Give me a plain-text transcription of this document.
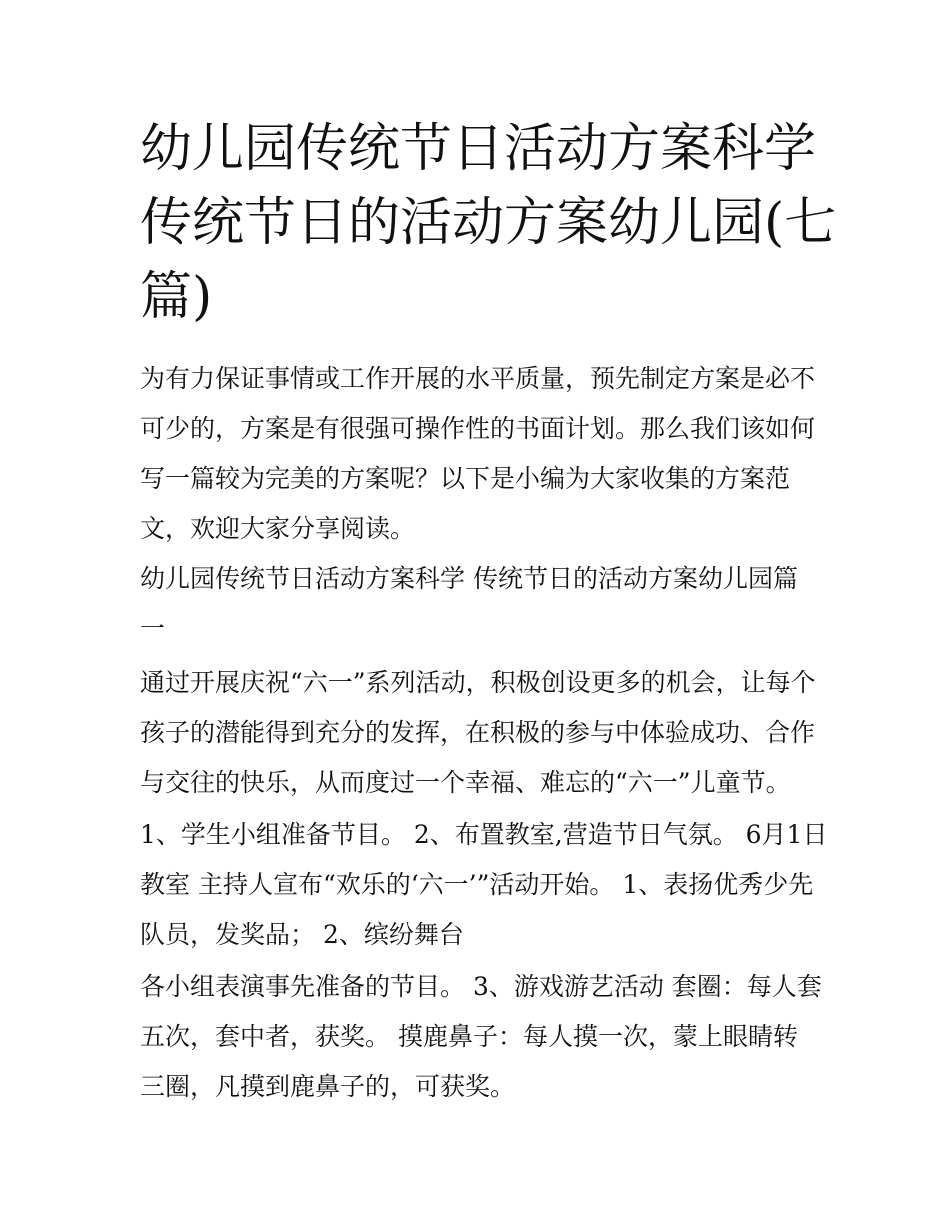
幼儿园传统节日活动方案科学
传统节日的活动方案幼儿园(七
篇)

为有力保证事情或工作开展的水平质量，预先制定方案是必不
可少的，方案是有很强可操作性的书面计划。那么我们该如何
写一篇较为完美的方案呢？以下是小编为大家收集的方案范
文，欢迎大家分享阅读。

幼儿园传统节日活动方案科学 传统节日的活动方案幼儿园篇
一

通过开展庆祝“六一”系列活动，积极创设更多的机会，让每个
孩子的潜能得到充分的发挥，在积极的参与中体验成功、合作
与交往的快乐，从而度过一个幸福、难忘的“六一”儿童节。

1、学生小组准备节目。 2、布置教室,营造节日气氛。 6月1日
教室 主持人宣布“欢乐的‘六一’”活动开始。 1、表扬优秀少先
队员，发奖品； 2、缤纷舞台

各小组表演事先准备的节目。 3、游戏游艺活动 套圈：每人套
五次，套中者，获奖。 摸鹿鼻子：每人摸一次，蒙上眼睛转
三圈，凡摸到鹿鼻子的，可获奖。
